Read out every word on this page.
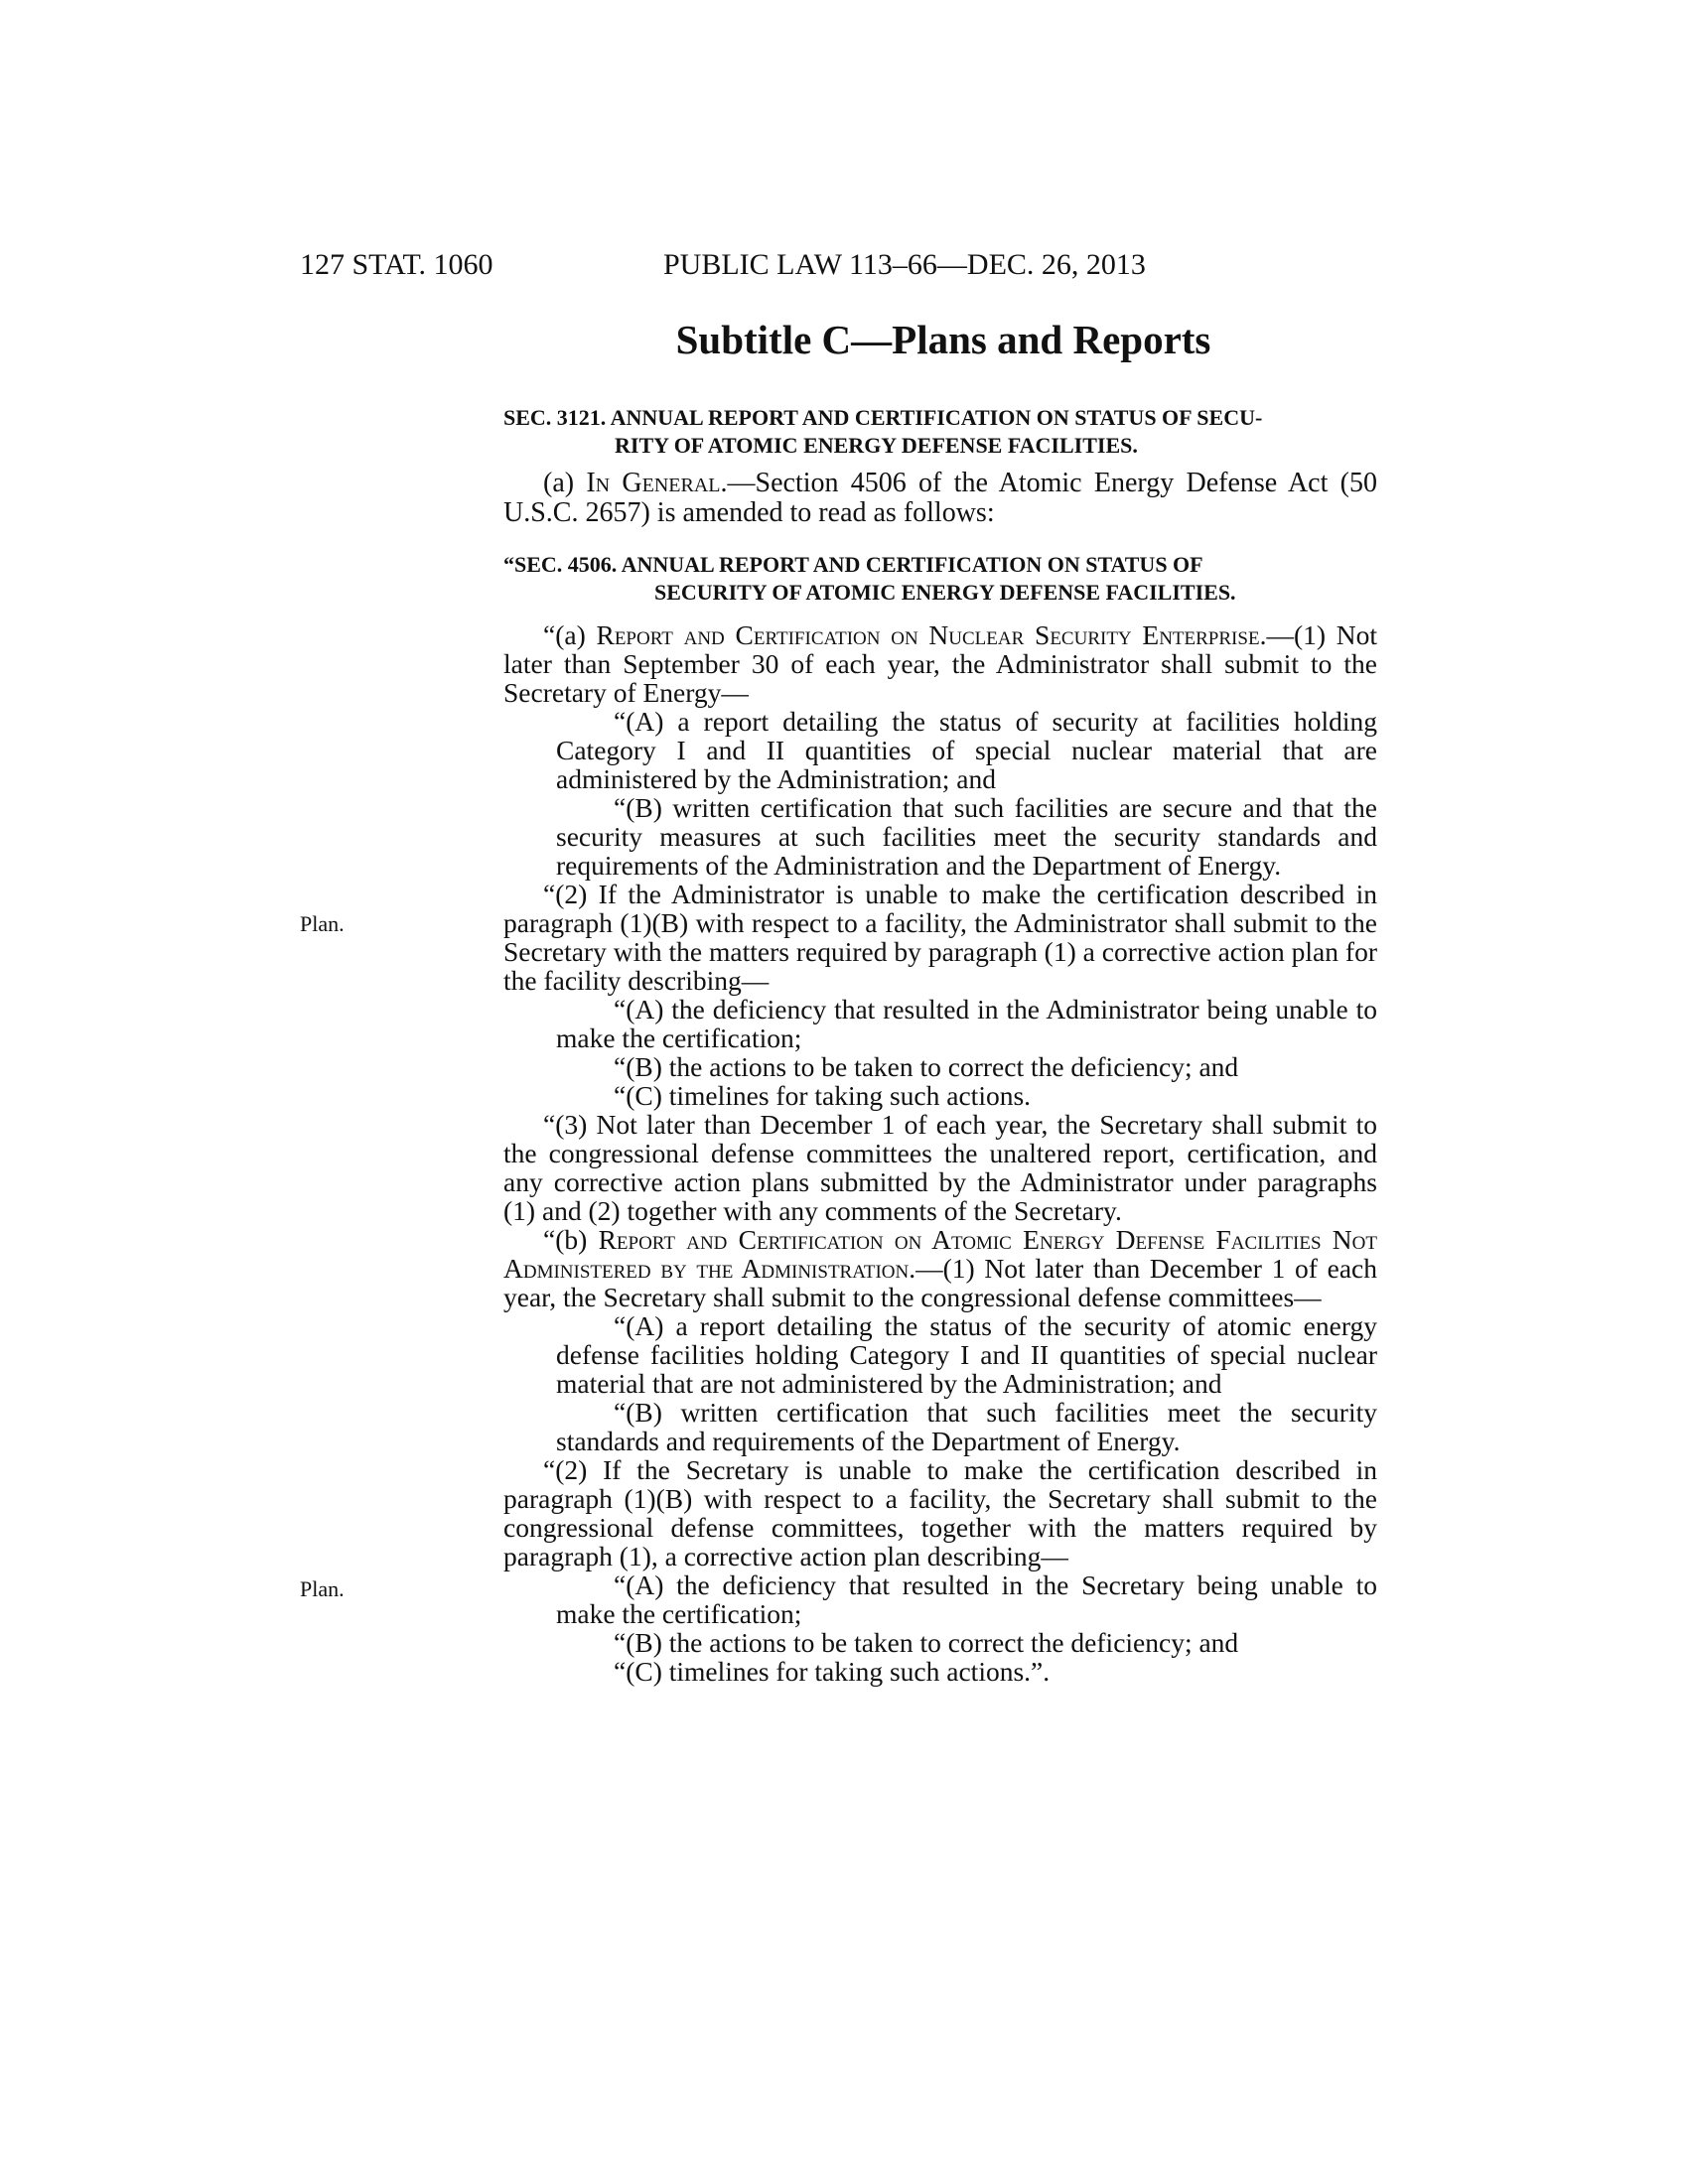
127 STAT. 1060	PUBLIC LAW 113–66—DEC. 26, 2013
Subtitle C—Plans and Reports
SEC. 3121. ANNUAL REPORT AND CERTIFICATION ON STATUS OF SECU-
RITY OF ATOMIC ENERGY DEFENSE FACILITIES.
(a) In General.—Section 4506 of the Atomic Energy Defense Act (50 U.S.C. 2657) is amended to read as follows:
“SEC. 4506. ANNUAL REPORT AND CERTIFICATION ON STATUS OF
SECURITY OF ATOMIC ENERGY DEFENSE FACILITIES.
“(a) Report and Certification on Nuclear Security Enterprise.—(1) Not later than September 30 of each year, the Administrator shall submit to the Secretary of Energy—
“(A) a report detailing the status of security at facilities holding Category I and II quantities of special nuclear material that are administered by the Administration; and
“(B) written certification that such facilities are secure and that the security measures at such facilities meet the security standards and requirements of the Administration and the Department of Energy.
“(2) If the Administrator is unable to make the certification described in paragraph (1)(B) with respect to a facility, the Administrator shall submit to the Secretary with the matters required by paragraph (1) a corrective action plan for the facility describing—
“(A) the deficiency that resulted in the Administrator being unable to make the certification;
“(B) the actions to be taken to correct the deficiency; and
“(C) timelines for taking such actions.
“(3) Not later than December 1 of each year, the Secretary shall submit to the congressional defense committees the unaltered report, certification, and any corrective action plans submitted by the Administrator under paragraphs (1) and (2) together with any comments of the Secretary.
“(b) Report and Certification on Atomic Energy Defense Facilities Not Administered by the Administration.—(1) Not later than December 1 of each year, the Secretary shall submit to the congressional defense committees—
“(A) a report detailing the status of the security of atomic energy defense facilities holding Category I and II quantities of special nuclear material that are not administered by the Administration; and
“(B) written certification that such facilities meet the security standards and requirements of the Department of Energy.
“(2) If the Secretary is unable to make the certification described in paragraph (1)(B) with respect to a facility, the Secretary shall submit to the congressional defense committees, together with the matters required by paragraph (1), a corrective action plan describing—
“(A) the deficiency that resulted in the Secretary being unable to make the certification;
“(B) the actions to be taken to correct the deficiency; and
“(C) timelines for taking such actions.”.
Plan.
Plan.
